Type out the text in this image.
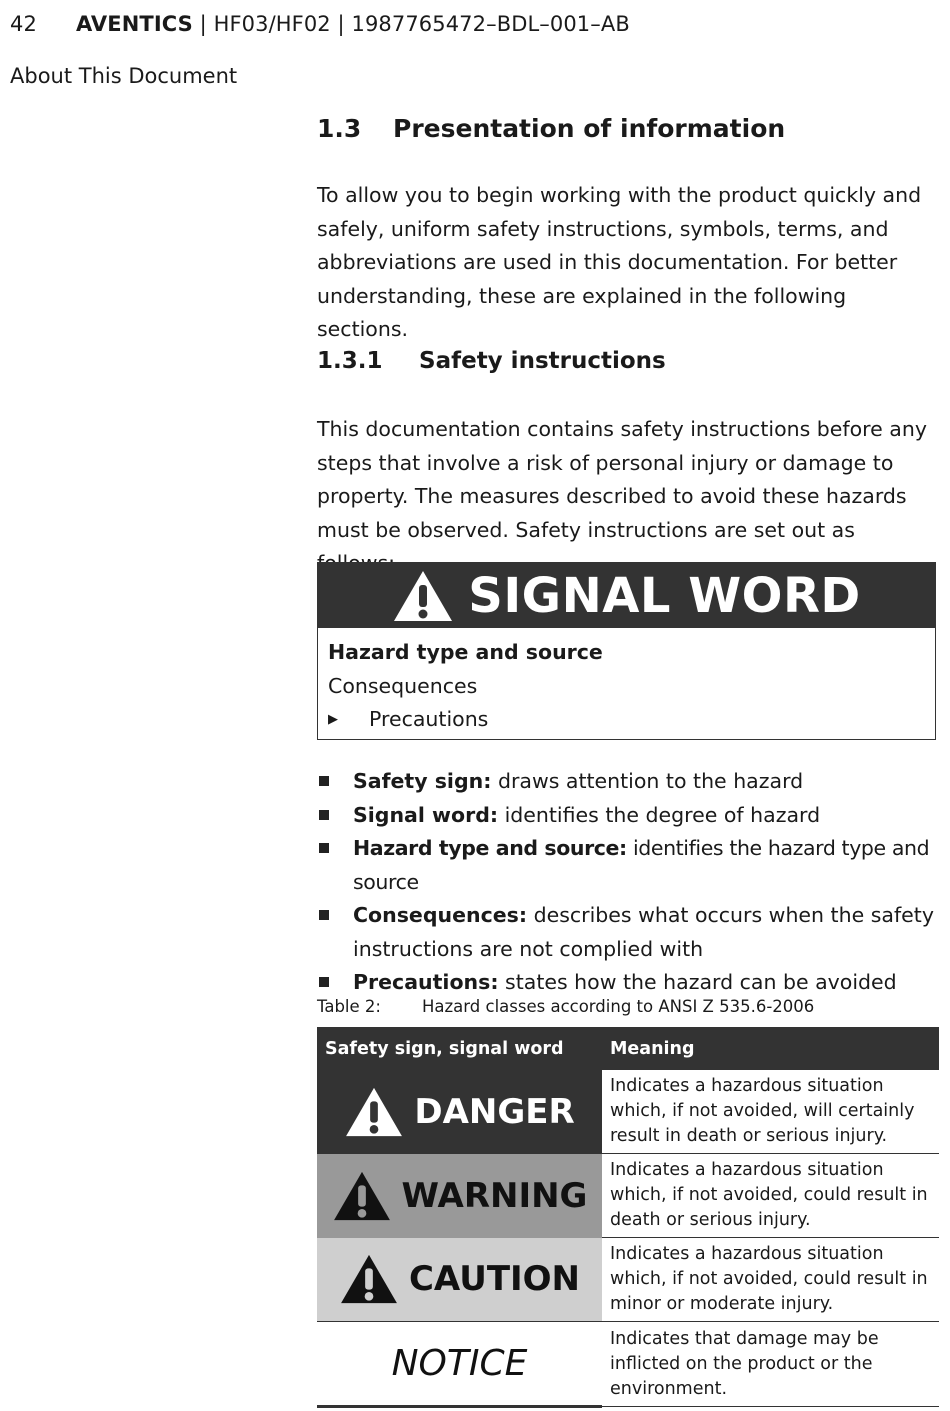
42 AVENTICS | HF03/HF02 | 1987765472–BDL–001–AB
About This Document
1.3 Presentation of information
To allow you to begin working with the product quickly and safely, uniform safety instructions, symbols, terms, and abbreviations are used in this documentation. For better understanding, these are explained in the following sections.
1.3.1 Safety instructions
This documentation contains safety instructions before any steps that involve a risk of personal injury or damage to property. The measures described to avoid these hazards must be observed. Safety instructions are set out as
SIGNAL WORD
Hazard type and source
Consequences
▶	Precautions
Safety sign: draws attention to the hazard
Signal word: identifies the degree of hazard
Hazard type and source: identifies the hazard type and source
Consequences: describes what occurs when the safety instructions are not complied with
Precautions: states how the hazard can be avoided
Table 2: Hazard classes according to ANSI Z 535.6-2006
Safety sign, signal word	Meaning

DANGER	Indicates a hazardous situation which, if not avoided, will certainly result in death or serious injury.

WARNING	Indicates a hazardous situation which, if not avoided, could result in death or serious injury.

CAUTION	Indicates a hazardous situation which, if not avoided, could result in minor or moderate injury.
NOTICE	Indicates that damage may be inflicted on the product or the environment.
